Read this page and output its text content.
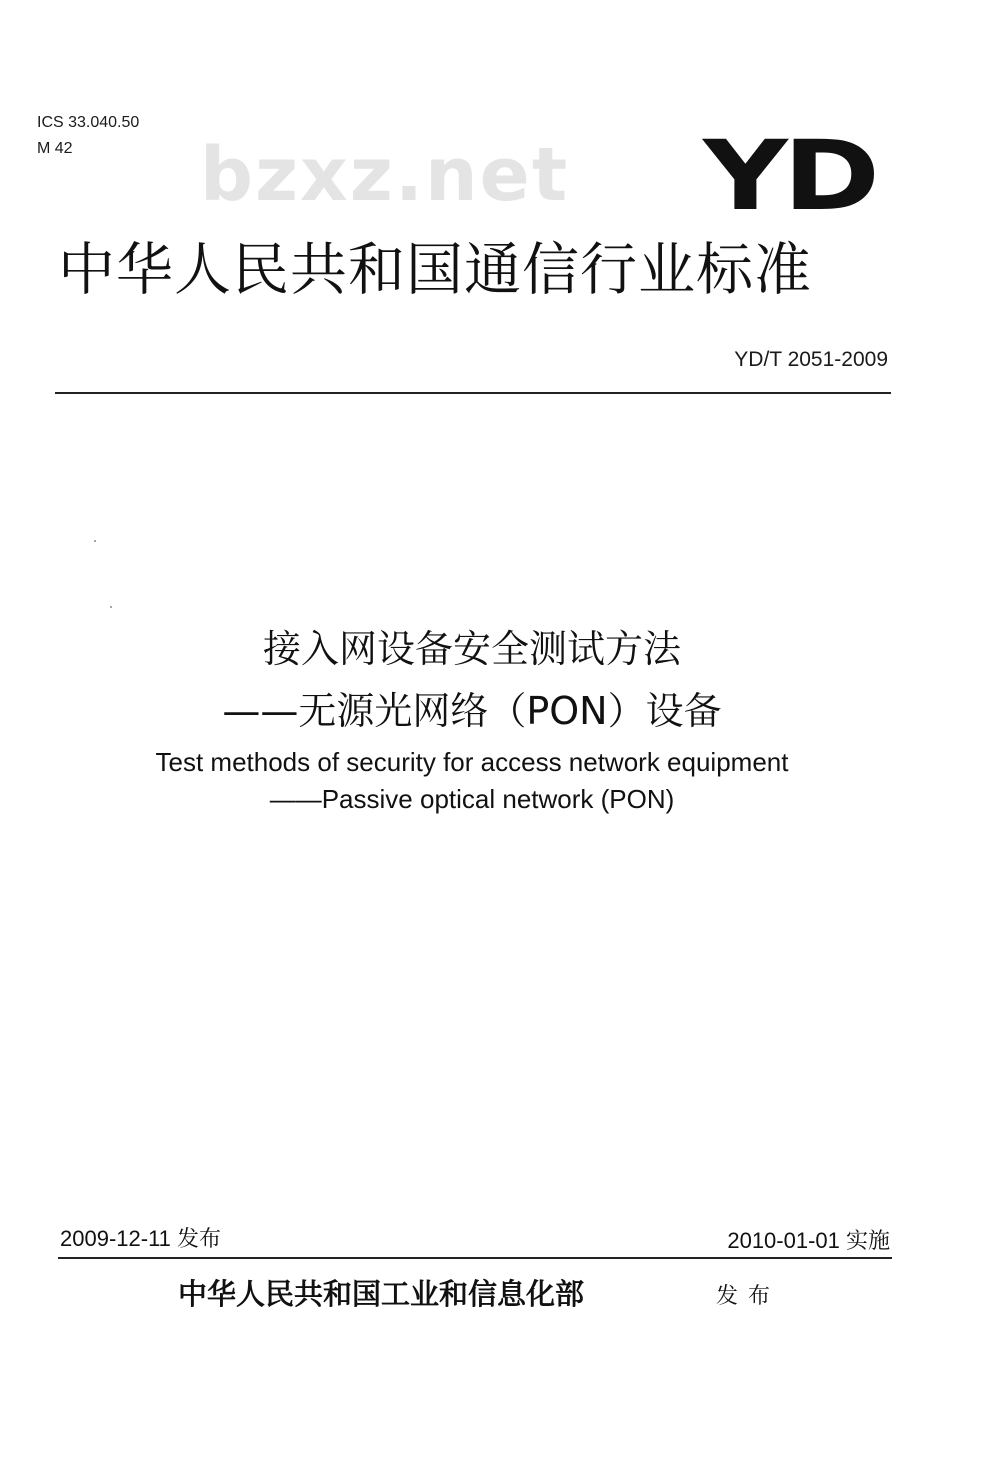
ICS 33.040.50
M 42	bzxz.net YD
中华人民共和国通信行业标准
YD/T 2051-2009
接入网设备安全测试方法
——无源光网络（PON）设备
Test methods of security for access network equipment
——Passive optical network (PON)
2009-12-11 发布	2010-01-01 实施
中华人民共和国工业和信息化部	发布
